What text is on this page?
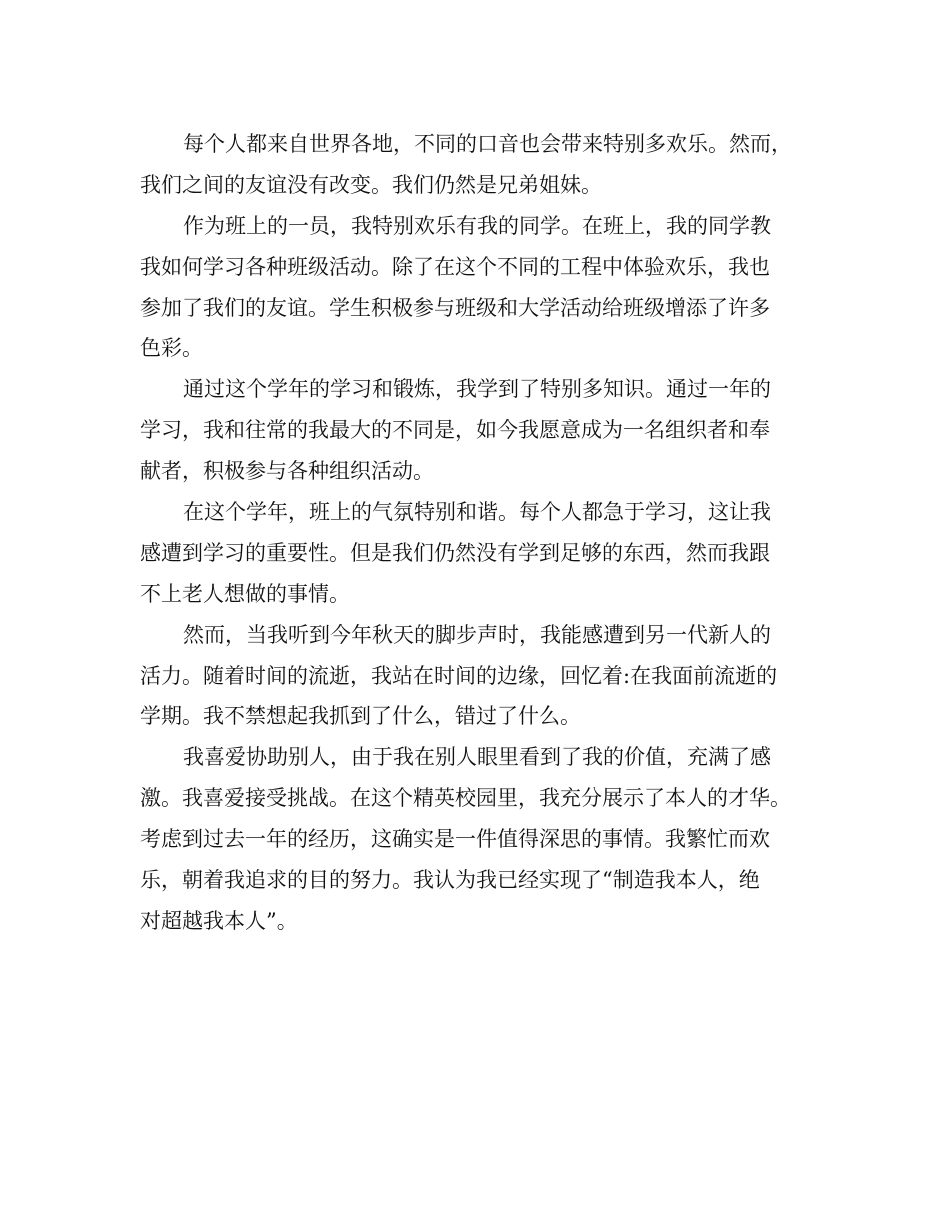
每个人都来自世界各地，不同的口音也会带来特别多欢乐。然而，
我们之间的友谊没有改变。我们仍然是兄弟姐妹。
作为班上的一员，我特别欢乐有我的同学。在班上，我的同学教
我如何学习各种班级活动。除了在这个不同的工程中体验欢乐，我也
参加了我们的友谊。学生积极参与班级和大学活动给班级增添了许多
色彩。
通过这个学年的学习和锻炼，我学到了特别多知识。通过一年的
学习，我和往常的我最大的不同是，如今我愿意成为一名组织者和奉
献者，积极参与各种组织活动。
在这个学年，班上的气氛特别和谐。每个人都急于学习，这让我
感遭到学习的重要性。但是我们仍然没有学到足够的东西，然而我跟
不上老人想做的事情。
然而，当我听到今年秋天的脚步声时，我能感遭到另一代新人的
活力。随着时间的流逝，我站在时间的边缘，回忆着:在我面前流逝的
学期。我不禁想起我抓到了什么，错过了什么。
我喜爱协助别人，由于我在别人眼里看到了我的价值，充满了感
激。我喜爱接受挑战。在这个精英校园里，我充分展示了本人的才华。
考虑到过去一年的经历，这确实是一件值得深思的事情。我繁忙而欢
乐，朝着我追求的目的努力。我认为我已经实现了“制造我本人，绝
对超越我本人”。
